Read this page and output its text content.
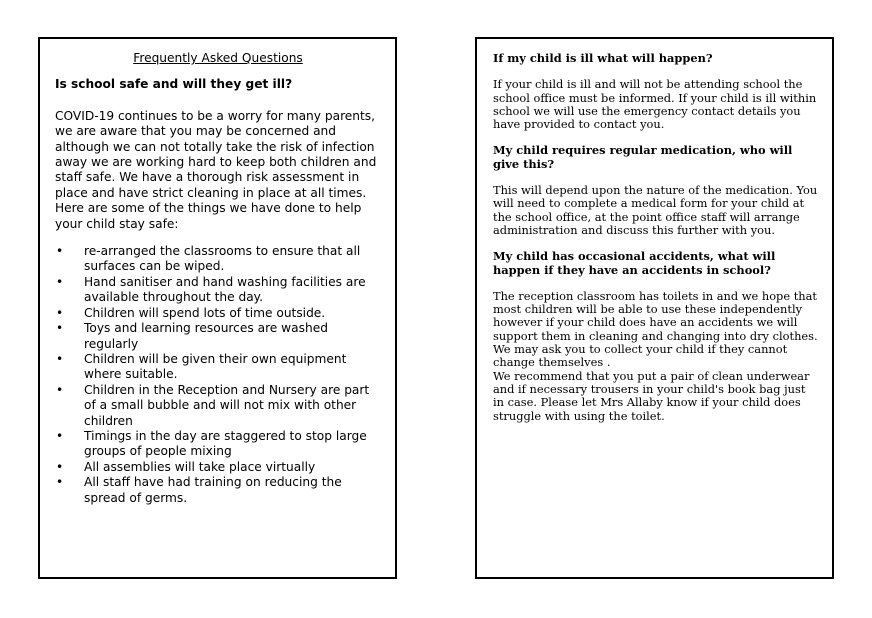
Frequently Asked Questions
Is school safe and will they get ill?
COVID-19 continues to be a worry for many parents, we are aware that you may be concerned and although we can not totally take the risk of infection away we are working hard to keep both children and staff safe. We have a thorough risk assessment in place and have strict cleaning in place at all times. Here are some of the things we have done to help your child stay safe:
• re-arranged the classrooms to ensure that all surfaces can be wiped.
• Hand sanitiser and hand washing facilities are available throughout the day.
• Children will spend lots of time outside.
• Toys and learning resources are washed regularly
• Children will be given their own equipment where suitable.
• Children in the Reception and Nursery are part of a small bubble and will not mix with other children
• Timings in the day are staggered to stop large groups of people mixing
• All assemblies will take place virtually
• All staff have had training on reducing the spread of germs.
If my child is ill what will happen?
If your child is ill and will not be attending school the school office must be informed. If your child is ill within school we will use the emergency contact details you have provided to contact you.
My child requires regular medication, who will give this?
This will depend upon the nature of the medication. You will need to complete a medical form for your child at the school office, at the point office staff will arrange administration and discuss this further with you.
My child has occasional accidents, what will happen if they have an accidents in school?
The reception classroom has toilets in and we hope that most children will be able to use these independently however if your child does have an accidents we will support them in cleaning and changing into dry clothes. We may ask you to collect your child if they cannot change themselves .
We recommend that you put a pair of clean underwear and if necessary trousers in your child's book bag just in case. Please let Mrs Allaby know if your child does struggle with using the toilet.
